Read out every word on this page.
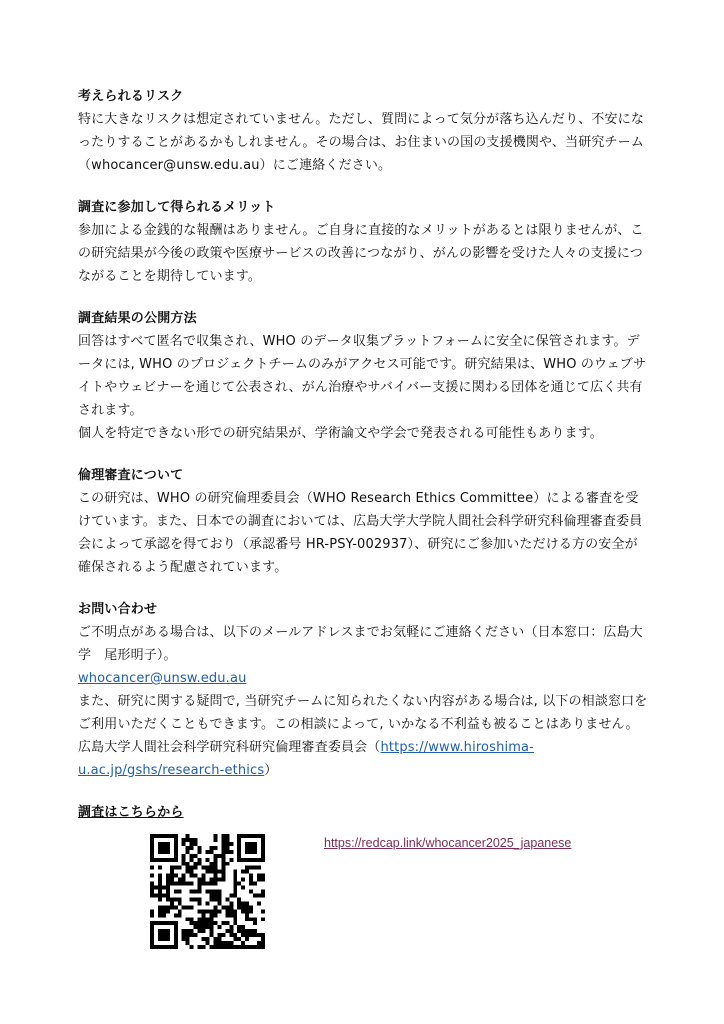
考えられるリスク

特に大きなリスクは想定されていません。ただし、質問によって気分が落ち込んだり、不安になったりすることがあるかもしれません。その場合は、お住まいの国の支援機関や、当研究チーム（whocancer@unsw.edu.au）にご連絡ください。

調査に参加して得られるメリット

参加による金銭的な報酬はありません。ご自身に直接的なメリットがあるとは限りませんが、この研究結果が今後の政策や医療サービスの改善につながり、がんの影響を受けた人々の支援につながることを期待しています。

調査結果の公開方法

回答はすべて匿名で収集され、WHO のデータ収集プラットフォームに安全に保管されます。データには, WHO のプロジェクトチームのみがアクセス可能です。研究結果は、WHO のウェブサイトやウェビナーを通じて公表され、がん治療やサバイバー支援に関わる団体を通じて広く共有されます。

個人を特定できない形での研究結果が、学術論文や学会で発表される可能性もあります。

倫理審査について

この研究は、WHO の研究倫理委員会（WHO Research Ethics Committee）による審査を受けています。また、日本での調査においては、広島大学大学院人間社会科学研究科倫理審査委員会によって承認を得ており（承認番号 HR-PSY-002937）、研究にご参加いただける方の安全が確保されるよう配慮されています。

お問い合わせ

ご不明点がある場合は、以下のメールアドレスまでお気軽にご連絡ください（日本窓口：広島大学　尾形明子）。

whocancer@unsw.edu.au

また、研究に関する疑問で, 当研究チームに知られたくない内容がある場合は, 以下の相談窓口をご利用いただくこともできます。この相談によって, いかなる不利益も被ることはありません。

広島大学人間社会科学研究科研究倫理審査委員会（https://www.hiroshima-u.ac.jp/gshs/research-ethics）

調査はこちらから
https://redcap.link/whocancer2025_japanese
